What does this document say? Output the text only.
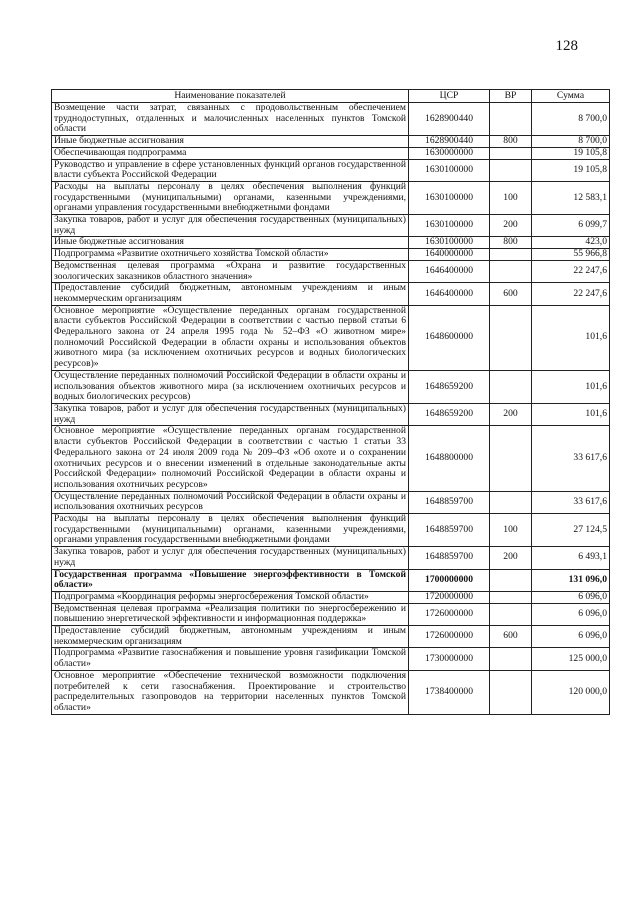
128
Наименование показателей	ЦСР	ВР	Сумма
Возмещение части затрат, связанных с продовольственным обеспечением труднодоступных, отдаленных и малочисленных населенных пунктов Томской области	1628900440		8 700,0
Иные бюджетные ассигнования	1628900440	800	8 700,0
Обеспечивающая подпрограмма	1630000000		19 105,8
Руководство и управление в сфере установленных функций органов государственной власти субъекта Российской Федерации	1630100000		19 105,8
Расходы на выплаты персоналу в целях обеспечения выполнения функций государственными (муниципальными) органами, казенными учреждениями, органами управления государственными внебюджетными фондами	1630100000	100	12 583,1
Закупка товаров, работ и услуг для обеспечения государственных (муниципальных) нужд	1630100000	200	6 099,7
Иные бюджетные ассигнования	1630100000	800	423,0
Подпрограмма «Развитие охотничьего хозяйства Томской области»	1640000000		55 966,8
Ведомственная целевая программа «Охрана и развитие государственных зоологических заказников областного значения»	1646400000		22 247,6
Предоставление субсидий бюджетным, автономным учреждениям и иным некоммерческим организациям	1646400000	600	22 247,6
Основное мероприятие «Осуществление переданных органам государственной власти субъектов Российской Федерации в соответствии с частью первой статьи 6 Федерального закона от 24 апреля 1995 года № 52–ФЗ «О животном мире» полномочий Российской Федерации в области охраны и использования объектов животного мира (за исключением охотничьих ресурсов и водных биологических ресурсов)»	1648600000		101,6
Осуществление переданных полномочий Российской Федерации в области охраны и использования объектов животного мира (за исключением охотничьих ресурсов и водных биологических ресурсов)	1648659200		101,6
Закупка товаров, работ и услуг для обеспечения государственных (муниципальных) нужд	1648659200	200	101,6
Основное мероприятие «Осуществление переданных органам государственной власти субъектов Российской Федерации в соответствии с частью 1 статьи 33 Федерального закона от 24 июля 2009 года № 209–ФЗ «Об охоте и о сохранении охотничьих ресурсов и о внесении изменений в отдельные законодательные акты Российской Федерации» полномочий Российской Федерации в области охраны и использования охотничьих ресурсов»	1648800000		33 617,6
Осуществление переданных полномочий Российской Федерации в области охраны и использования охотничьих ресурсов	1648859700		33 617,6
Расходы на выплаты персоналу в целях обеспечения выполнения функций государственными (муниципальными) органами, казенными учреждениями, органами управления государственными внебюджетными фондами	1648859700	100	27 124,5
Закупка товаров, работ и услуг для обеспечения государственных (муниципальных) нужд	1648859700	200	6 493,1
Государственная программа «Повышение энергоэффективности в Томской области»	1700000000		131 096,0
Подпрограмма «Координация реформы энергосбережения Томской области»	1720000000		6 096,0
Ведомственная целевая программа «Реализация политики по энергосбережению и повышению энергетической эффективности и информационная поддержка»	1726000000		6 096,0
Предоставление субсидий бюджетным, автономным учреждениям и иным некоммерческим организациям	1726000000	600	6 096,0
Подпрограмма «Развитие газоснабжения и повышение уровня газификации Томской области»	1730000000		125 000,0
Основное мероприятие «Обеспечение технической возможности подключения потребителей к сети газоснабжения. Проектирование и строительство распределительных газопроводов на территории населенных пунктов Томской области»	1738400000		120 000,0
